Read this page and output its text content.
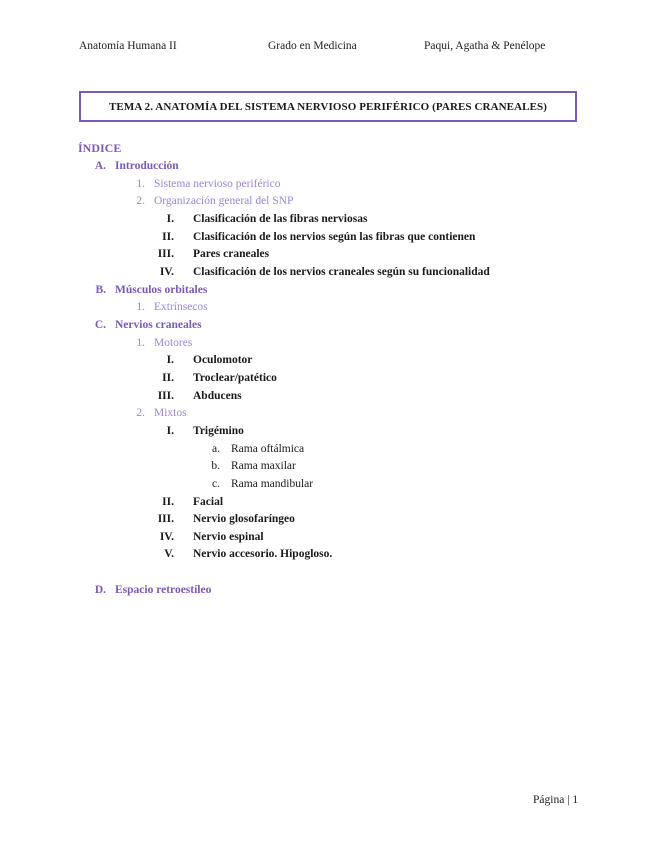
Anatomía Humana II	Grado en Medicina	Paqui, Agatha & Penélope
TEMA 2. ANATOMÍA DEL SISTEMA NERVIOSO PERIFÉRICO (PARES CRANEALES)
ÍNDICE
A. Introducción
1. Sistema nervioso periférico
2. Organización general del SNP
I. Clasificación de las fibras nerviosas
II. Clasificación de los nervios según las fibras que contienen
III. Pares craneales
IV. Clasificación de los nervios craneales según su funcionalidad
B. Músculos orbitales
1. Extrínsecos
C. Nervios craneales
1. Motores
I. Oculomotor
II. Troclear/patético
III. Abducens
2. Mixtos
I. Trigémino
a. Rama oftálmica
b. Rama maxilar
c. Rama mandibular
II. Facial
III. Nervio glosofaríngeo
IV. Nervio espinal
V. Nervio accesorio. Hipogloso.
D. Espacio retroestíleo
Página | 1
